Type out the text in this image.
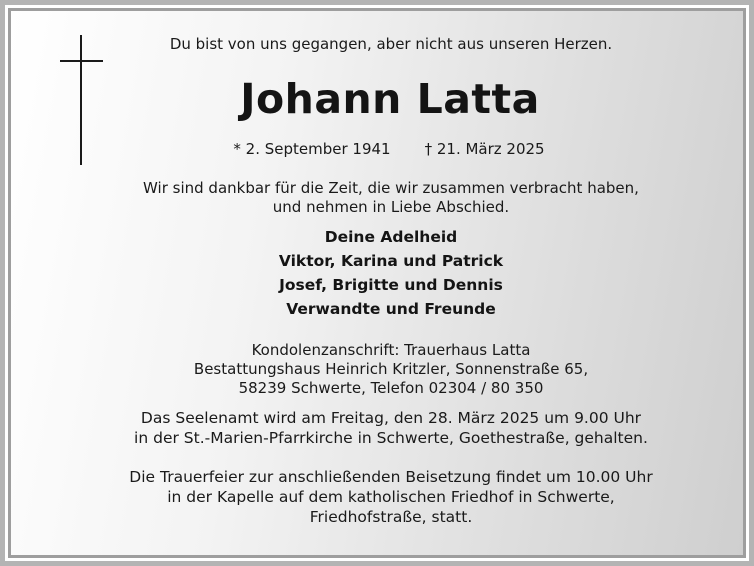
Du bist von uns gegangen, aber nicht aus unseren Herzen.
Johann Latta
* 2. September 1941 † 21. März 2025
Wir sind dankbar für die Zeit, die wir zusammen verbracht haben,
und nehmen in Liebe Abschied.
Deine Adelheid
Viktor, Karina und Patrick
Josef, Brigitte und Dennis
Verwandte und Freunde
Kondolenzanschrift: Trauerhaus Latta
Bestattungshaus Heinrich Kritzler, Sonnenstraße 65,
58239 Schwerte, Telefon 02304 / 80 350
Das Seelenamt wird am Freitag, den 28. März 2025 um 9.00 Uhr
in der St.-Marien-Pfarrkirche in Schwerte, Goethestraße, gehalten.
Die Trauerfeier zur anschließenden Beisetzung findet um 10.00 Uhr
in der Kapelle auf dem katholischen Friedhof in Schwerte,
Friedhofstraße, statt.
